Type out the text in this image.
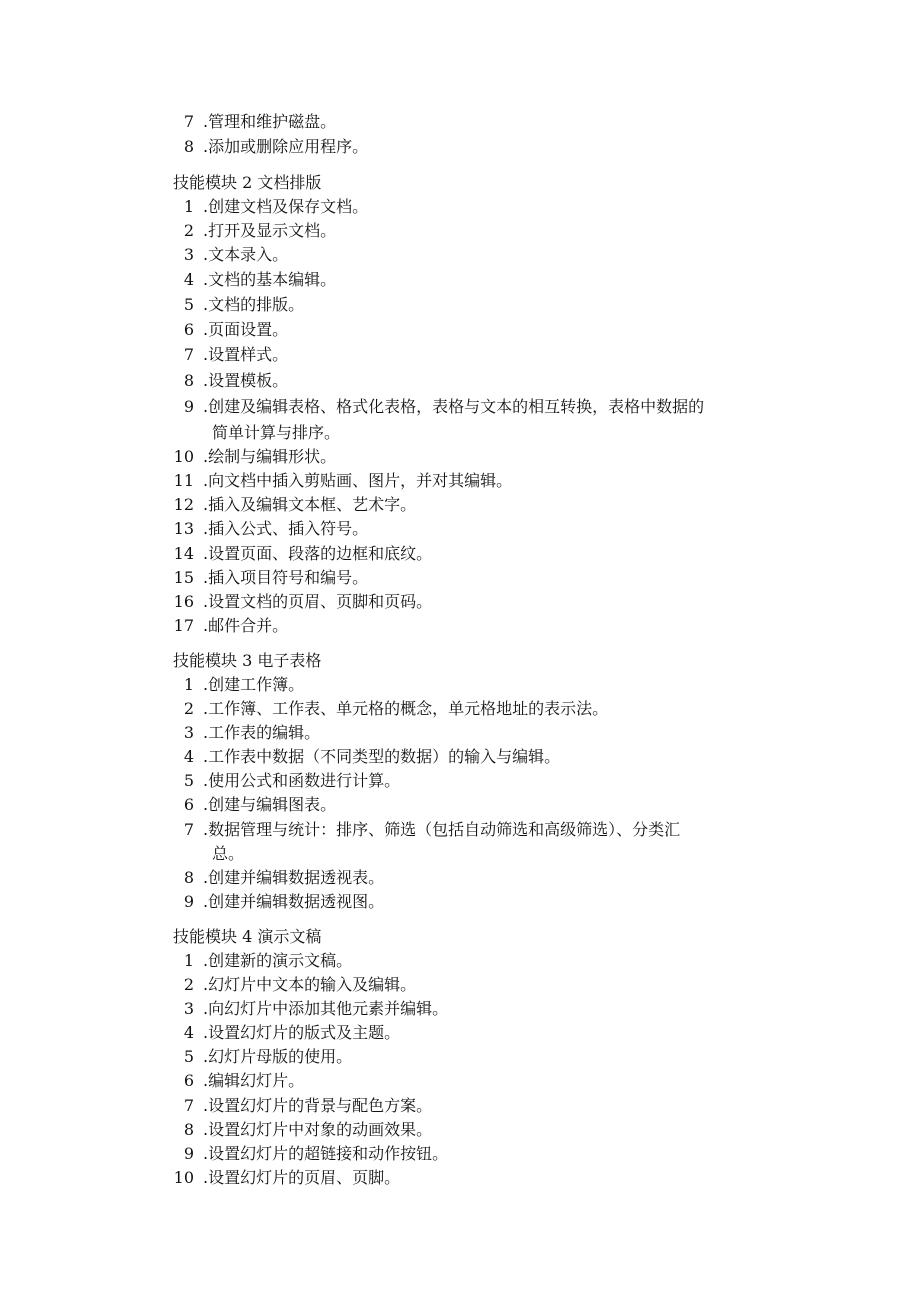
7 .管理和维护磁盘。
8 .添加或删除应用程序。
技能模块 2 文档排版
1 .创建文档及保存文档。
2 .打开及显示文档。
3 .文本录入。
4 .文档的基本编辑。
5 .文档的排版。
6 .页面设置。
7 .设置样式。
8 .设置模板。
9 .创建及编辑表格、格式化表格，表格与文本的相互转换，表格中数据的
简单计算与排序。
10 .绘制与编辑形状。
11 .向文档中插入剪贴画、图片，并对其编辑。
12 .插入及编辑文本框、艺术字。
13 .插入公式、插入符号。
14 .设置页面、段落的边框和底纹。
15 .插入项目符号和编号。
16 .设置文档的页眉、页脚和页码。
17 .邮件合并。
技能模块 3 电子表格
1 .创建工作簿。
2 .工作簿、工作表、单元格的概念，单元格地址的表示法。
3 .工作表的编辑。
4 .工作表中数据（不同类型的数据）的输入与编辑。
5 .使用公式和函数进行计算。
6 .创建与编辑图表。
7 .数据管理与统计：排序、筛选（包括自动筛选和高级筛选）、分类汇
总。
8 .创建并编辑数据透视表。
9 .创建并编辑数据透视图。
技能模块 4 演示文稿
1 .创建新的演示文稿。
2 .幻灯片中文本的输入及编辑。
3 .向幻灯片中添加其他元素并编辑。
4 .设置幻灯片的版式及主题。
5 .幻灯片母版的使用。
6 .编辑幻灯片。
7 .设置幻灯片的背景与配色方案。
8 .设置幻灯片中对象的动画效果。
9 .设置幻灯片的超链接和动作按钮。
10 .设置幻灯片的页眉、页脚。
